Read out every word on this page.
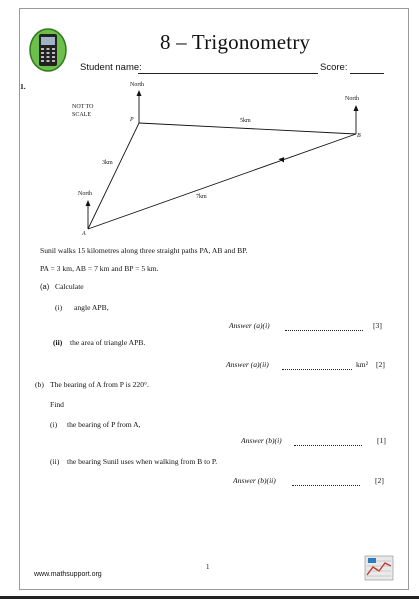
8 – Trigonometry
Student name:	Score:
1.
NOT TO
SCALE
North
North
North
P
B
A
5km
3km
7km
Sunil walks 15 kilometres along three straight paths PA, AB and BP.
PA = 3 km, AB = 7 km and BP = 5 km.
(a) Calculate
(i) angle APB,
Answer (a)(i)	[3]
(ii) the area of triangle APB.
Answer (a)(ii)	km² [2]
(b) The bearing of A from P is 220°.
Find
(i) the bearing of P from A,
Answer (b)(i)	[1]
(ii) the bearing Sunil uses when walking from B to P.
Answer (b)(ii)	[2]
www.mathsupport.org
1
